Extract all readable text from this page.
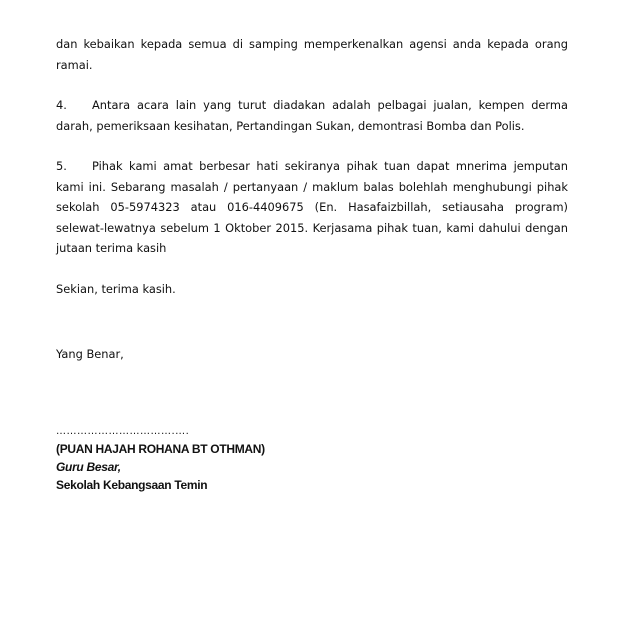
dan kebaikan kepada semua di samping memperkenalkan agensi anda kepada orang ramai.

4. Antara acara lain yang turut diadakan adalah pelbagai jualan, kempen derma darah, pemeriksaan kesihatan, Pertandingan Sukan, demontrasi Bomba dan Polis.

5. Pihak kami amat berbesar hati sekiranya pihak tuan dapat mnerima jemputan kami ini. Sebarang masalah / pertanyaan / maklum balas bolehlah menghubungi pihak sekolah 05-5974323 atau 016-4409675 (En. Hasafaizbillah, setiausaha program) selewat-lewatnya sebelum 1 Oktober 2015. Kerjasama pihak tuan, kami dahului dengan jutaan terima kasih

Sekian, terima kasih.

Yang Benar,

…………………………….….
(PUAN HAJAH ROHANA BT OTHMAN)
Guru Besar,
Sekolah Kebangsaan Temin
